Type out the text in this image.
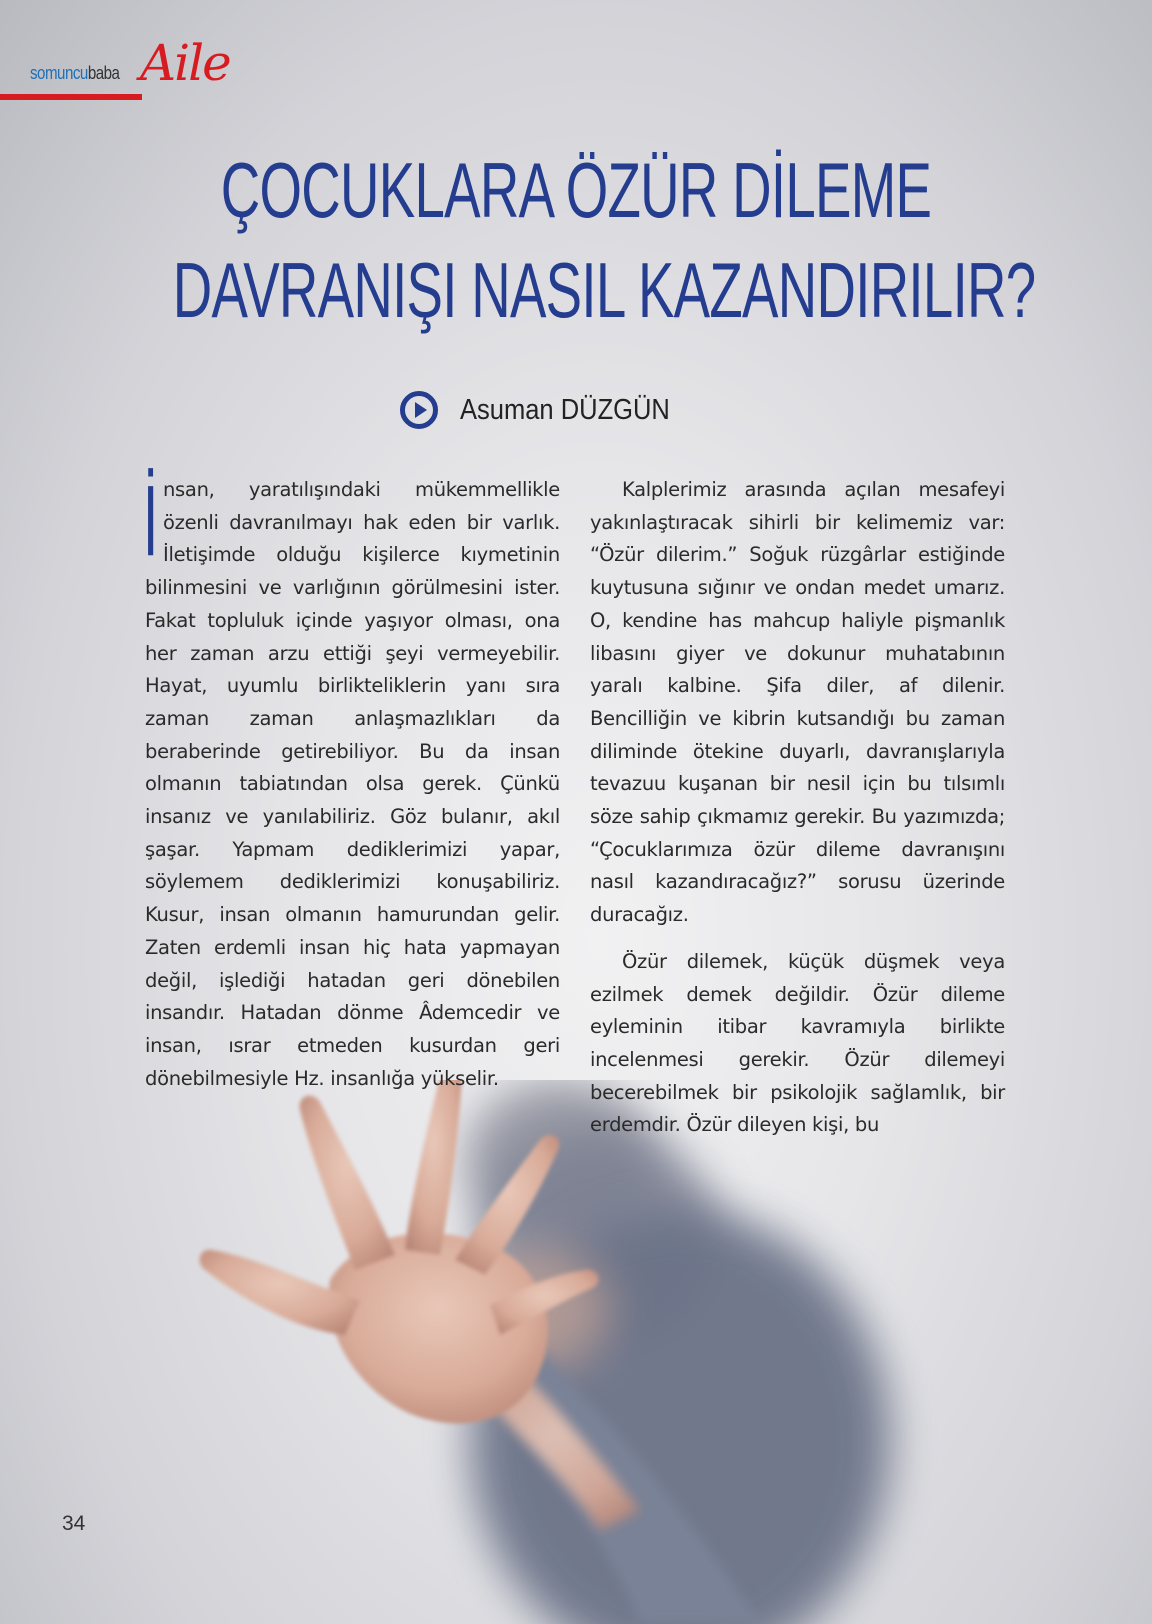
somuncubaba Aile
ÇOCUKLARA ÖZÜR DİLEME
DAVRANIŞI NASIL KAZANDIRILIR?
Asuman DÜZGÜN

İnsan, yaratılışındaki mükemmellikle özenli davranılmayı hak eden bir varlık. İletişimde olduğu kişilerce kıymetinin bilinmesini ve varlığının görülmesini ister. Fakat topluluk içinde yaşıyor olması, ona her zaman arzu ettiği şeyi vermeyebilir. Hayat, uyumlu birlikteliklerin yanı sıra zaman zaman anlaşmazlıkları da beraberinde getirebiliyor. Bu da insan olmanın tabiatından olsa gerek. Çünkü insanız ve yanılabiliriz. Göz bulanır, akıl şaşar. Yapmam dediklerimizi yapar, söylemem dediklerimizi konuşabiliriz. Kusur, insan olmanın hamurundan gelir. Zaten erdemli insan hiç hata yapmayan değil, işlediği hatadan geri dönebilen insandır. Hatadan dönme Âdemcedir ve insan, ısrar etmeden kusurdan geri dönebilmesiyle Hz. insanlığa yükselir.

Kalplerimiz arasında açılan mesafeyi yakınlaştıracak sihirli bir kelimemiz var: “Özür dilerim.” Soğuk rüzgârlar estiğinde kuytusuna sığınır ve ondan medet umarız. O, kendine has mahcup haliyle pişmanlık libasını giyer ve dokunur muhatabının yaralı kalbine. Şifa diler, af dilenir. Bencilliğin ve kibrin kutsandığı bu zaman diliminde ötekine duyarlı, davranışlarıyla tevazuu kuşanan bir nesil için bu tılsımlı söze sahip çıkmamız gerekir. Bu yazımızda; “Çocuklarımıza özür dileme davranışını nasıl kazandıracağız?” sorusu üzerinde duracağız.

Özür dilemek, küçük düşmek veya ezilmek demek değildir. Özür dileme eyleminin itibar kavramıyla birlikte incelenmesi gerekir. Özür dilemeyi becerebilmek bir psikolojik sağlamlık, bir erdemdir. Özür dileyen kişi, bu

34
